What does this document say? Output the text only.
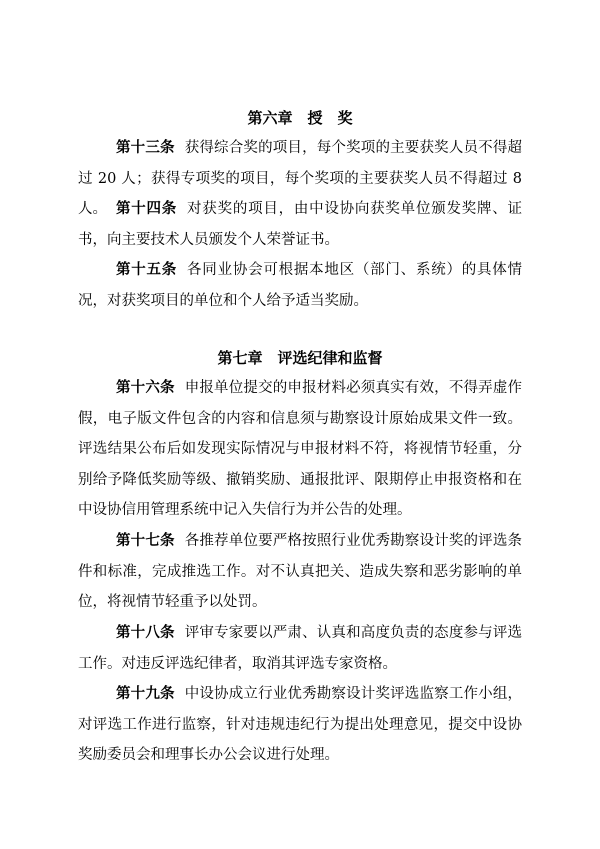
第六章　授　奖
第十三条 获得综合奖的项目，每个奖项的主要获奖人员不得超过 20 人；获得专项奖的项目，每个奖项的主要获奖人员不得超过 8 人。 第十四条 对获奖的项目，由中设协向获奖单位颁发奖牌、证书，向主要技术人员颁发个人荣誉证书。
第十五条 各同业协会可根据本地区（部门、系统）的具体情况，对获奖项目的单位和个人给予适当奖励。
第七章　评选纪律和监督
第十六条 申报单位提交的申报材料必须真实有效，不得弄虚作假，电子版文件包含的内容和信息须与勘察设计原始成果文件一致。评选结果公布后如发现实际情况与申报材料不符，将视情节轻重，分别给予降低奖励等级、撤销奖励、通报批评、限期停止申报资格和在中设协信用管理系统中记入失信行为并公告的处理。
第十七条 各推荐单位要严格按照行业优秀勘察设计奖的评选条件和标准，完成推选工作。对不认真把关、造成失察和恶劣影响的单位，将视情节轻重予以处罚。
第十八条 评审专家要以严肃、认真和高度负责的态度参与评选工作。对违反评选纪律者，取消其评选专家资格。
第十九条 中设协成立行业优秀勘察设计奖评选监察工作小组，对评选工作进行监察，针对违规违纪行为提出处理意见，提交中设协奖励委员会和理事长办公会议进行处理。
